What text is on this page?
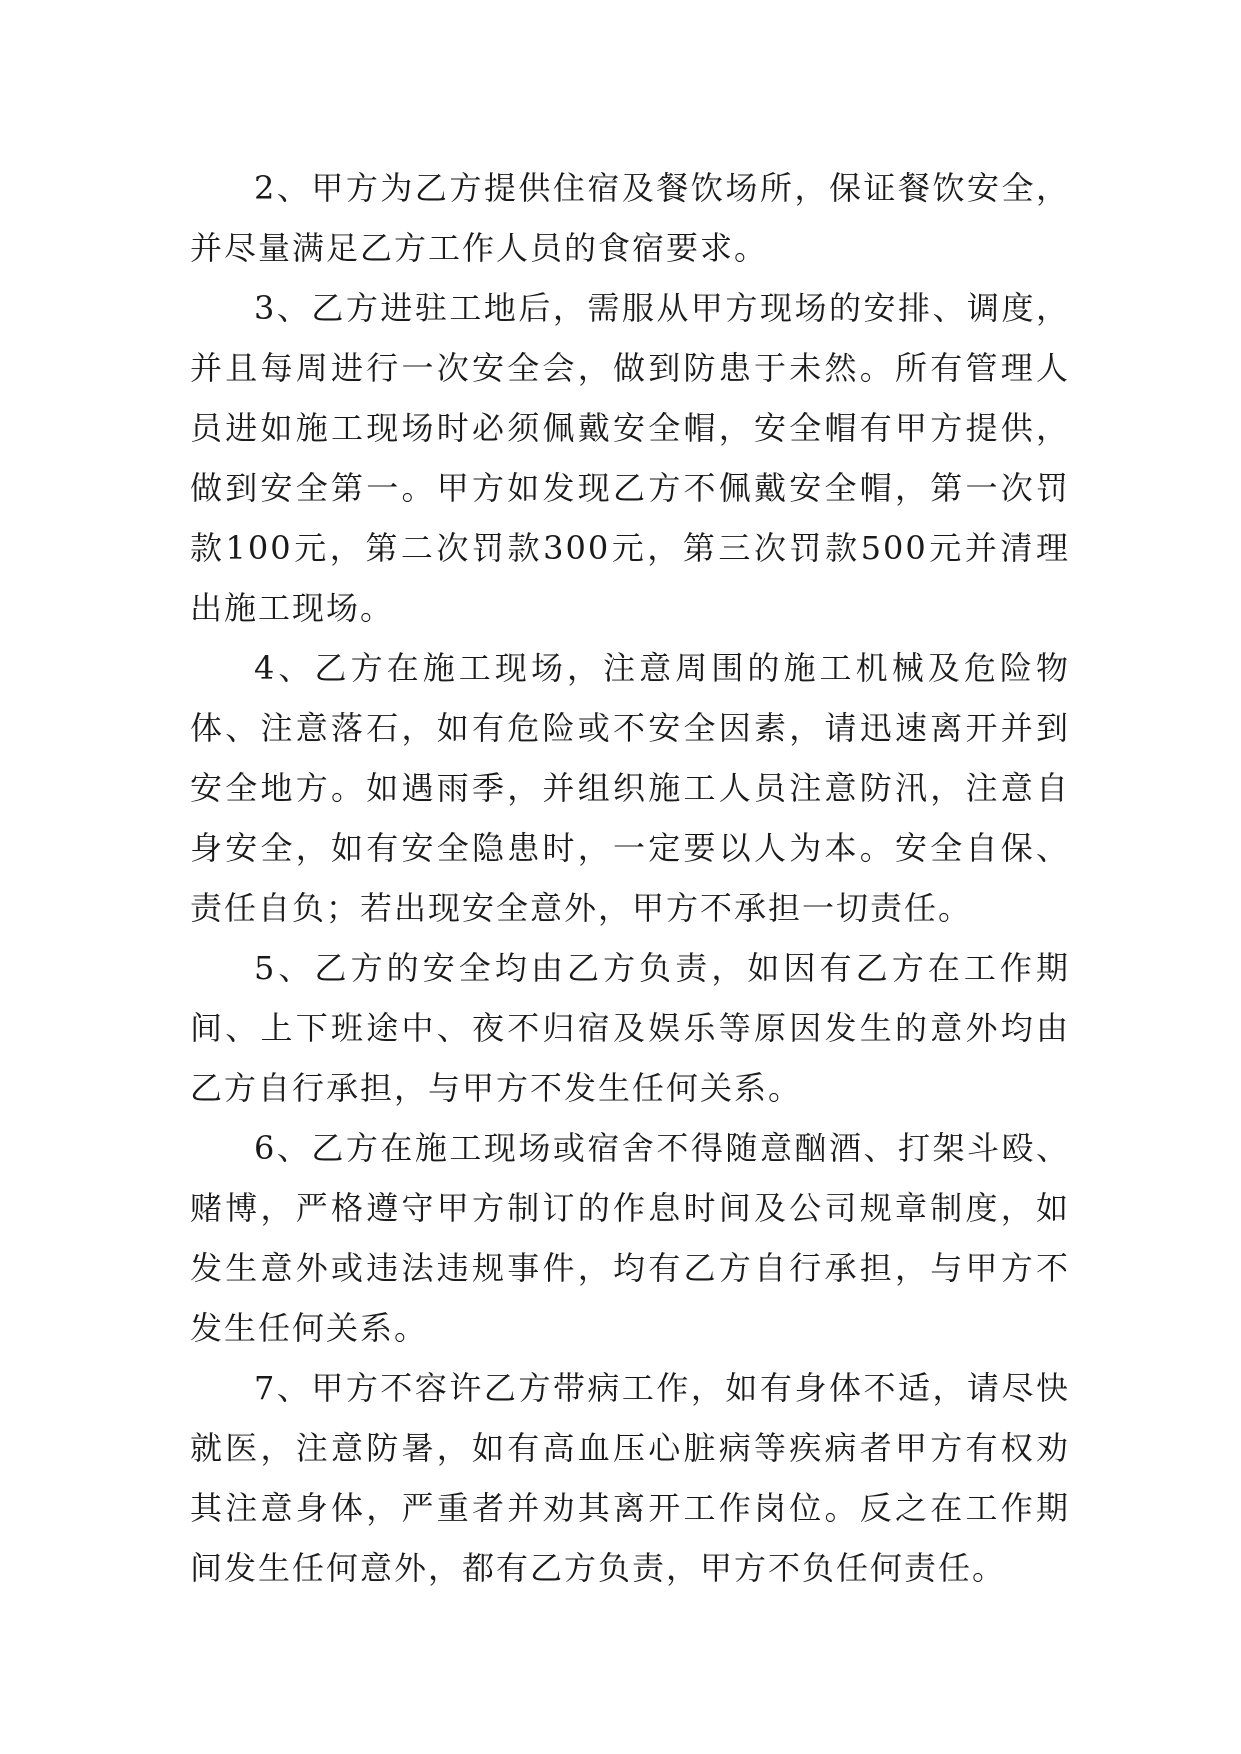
2、甲方为乙方提供住宿及餐饮场所，保证餐饮安全，并尽量满足乙方工作人员的食宿要求。

3、乙方进驻工地后，需服从甲方现场的安排、调度，并且每周进行一次安全会，做到防患于未然。所有管理人员进如施工现场时必须佩戴安全帽，安全帽有甲方提供，做到安全第一。甲方如发现乙方不佩戴安全帽，第一次罚款100元，第二次罚款300元，第三次罚款500元并清理出施工现场。

4、乙方在施工现场，注意周围的施工机械及危险物体、注意落石，如有危险或不安全因素，请迅速离开并到安全地方。如遇雨季，并组织施工人员注意防汛，注意自身安全，如有安全隐患时，一定要以人为本。安全自保、责任自负；若出现安全意外，甲方不承担一切责任。

5、乙方的安全均由乙方负责，如因有乙方在工作期间、上下班途中、夜不归宿及娱乐等原因发生的意外均由乙方自行承担，与甲方不发生任何关系。

6、乙方在施工现场或宿舍不得随意酗酒、打架斗殴、赌博，严格遵守甲方制订的作息时间及公司规章制度，如发生意外或违法违规事件，均有乙方自行承担，与甲方不发生任何关系。

7、甲方不容许乙方带病工作，如有身体不适，请尽快就医，注意防暑，如有高血压心脏病等疾病者甲方有权劝其注意身体，严重者并劝其离开工作岗位。反之在工作期间发生任何意外，都有乙方负责，甲方不负任何责任。
